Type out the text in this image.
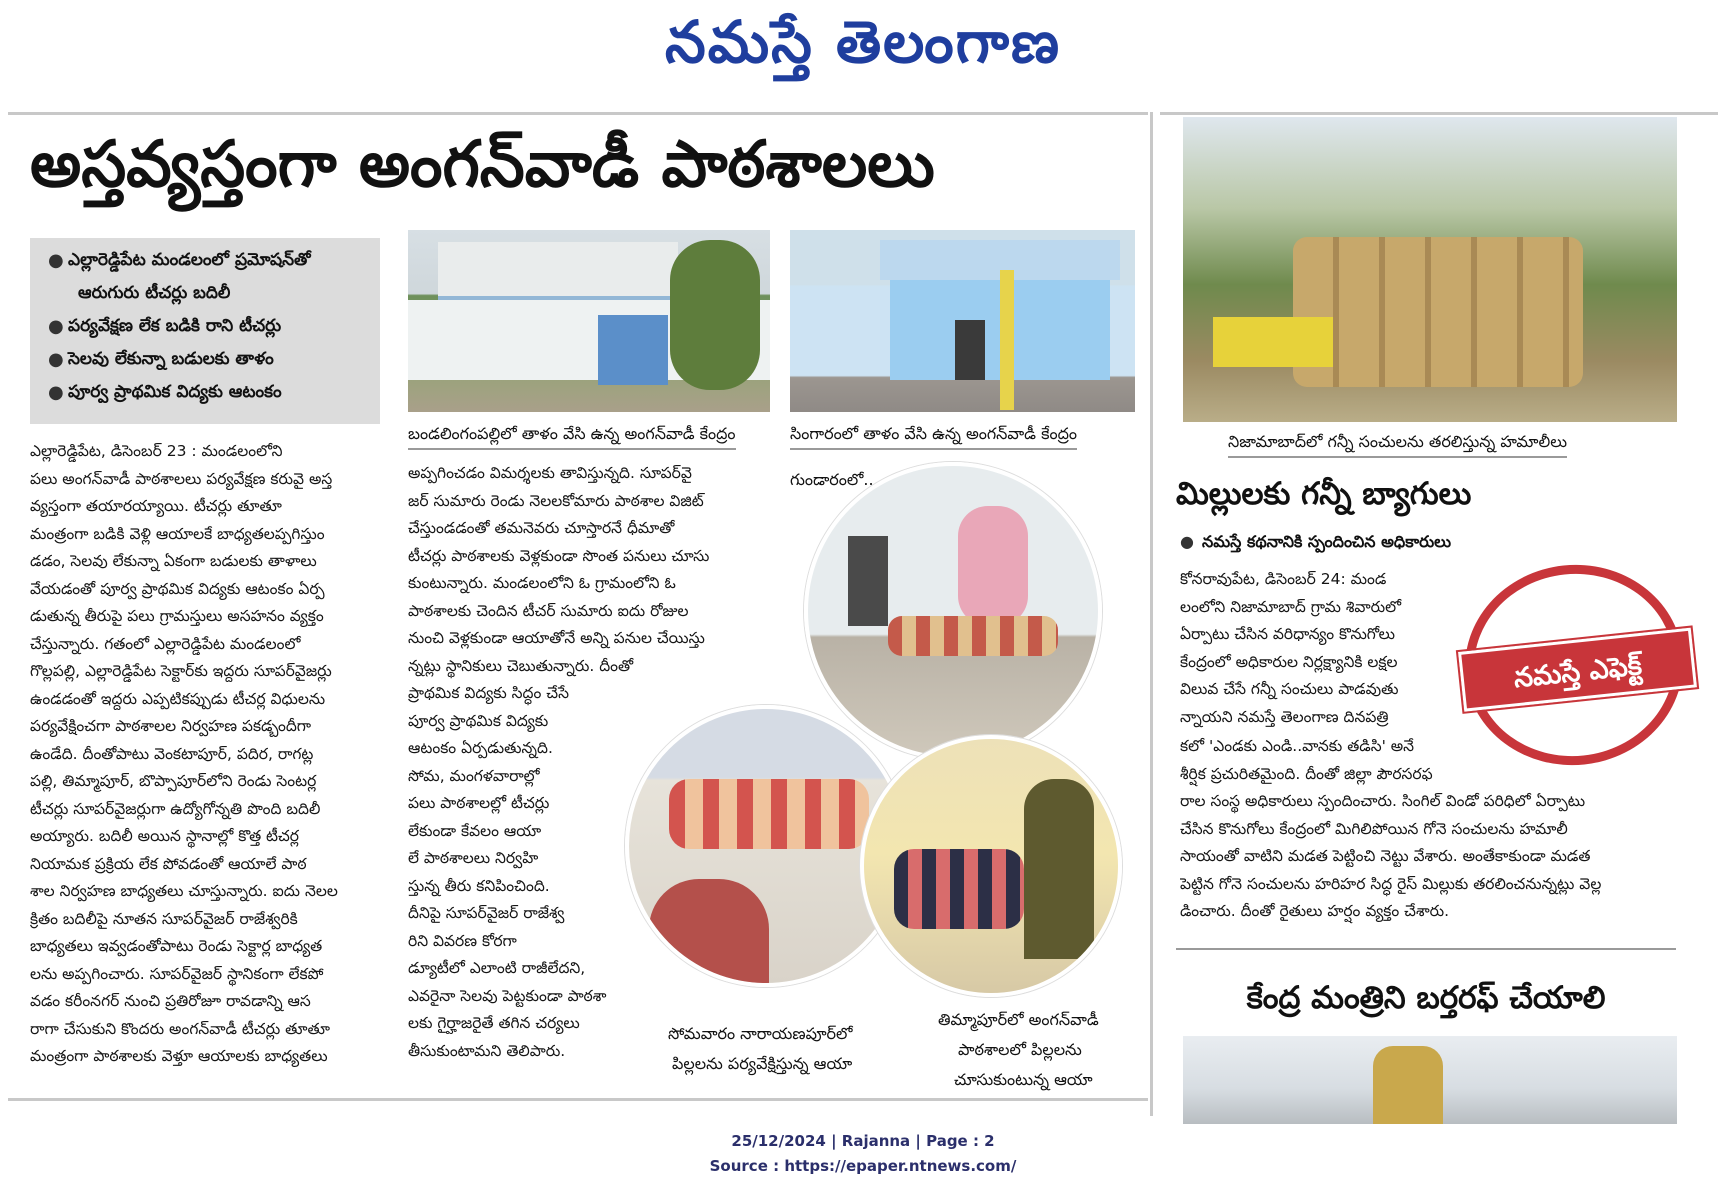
నమస్తే తెలంగాణ
అస్తవ్యస్తంగా అంగన్‌వాడీ పాఠశాలలు
● ఎల్లారెడ్డిపేట మండలంలో ప్రమోషన్‌తో
ఆరుగురు టీచర్లు బదిలీ
● పర్యవేక్షణ లేక బడికి రాని టీచర్లు
● సెలవు లేకున్నా బడులకు తాళం
● పూర్వ ప్రాథమిక విద్యకు ఆటంకం
బండలింగంపల్లిలో తాళం వేసి ఉన్న అంగన్‌వాడీ కేంద్రం	సింగారంలో తాళం వేసి ఉన్న అంగన్‌వాడీ కేంద్రం
గుండారంలో..
సోమవారం నారాయణపూర్‌లో
పిల్లలను పర్యవేక్షిస్తున్న ఆయా
తిమ్మాపూర్‌లో అంగన్‌వాడీ
పాఠశాలలో పిల్లలను
చూసుకుంటున్న ఆయా
ఎల్లారెడ్డిపేట, డిసెంబర్ 23 : మండలంలోని
పలు అంగన్‌వాడీ పాఠశాలలు పర్యవేక్షణ కరువై అస్త
వ్యస్తంగా తయారయ్యాయి. టీచర్లు తూతూ
మంత్రంగా బడికి వెళ్లి ఆయాలకే బాధ్యతలప్పగిస్తుం
డడం, సెలవు లేకున్నా ఏకంగా బడులకు తాళాలు
వేయడంతో పూర్వ ప్రాథమిక విద్యకు ఆటంకం ఏర్ప
డుతున్న తీరుపై పలు గ్రామస్తులు అసహనం వ్యక్తం
చేస్తున్నారు. గతంలో ఎల్లారెడ్డిపేట మండలంలో
గొల్లపల్లి, ఎల్లారెడ్డిపేట సెక్టార్‌కు ఇద్దరు సూపర్‌వైజర్లు
ఉండడంతో ఇద్దరు ఎప్పటికప్పుడు టీచర్ల విధులను
పర్యవేక్షించగా పాఠశాలల నిర్వహణ పకడ్బందీగా
ఉండేది. దీంతోపాటు వెంకటాపూర్, పదిర, రాగట్ల
పల్లి, తిమ్మాపూర్, బొప్పాపూర్‌లోని రెండు సెంటర్ల
టీచర్లు సూపర్‌వైజర్లుగా ఉద్యోగోన్నతి పొంది బదిలీ
అయ్యారు. బదిలీ అయిన స్థానాల్లో కొత్త టీచర్ల
నియామక ప్రక్రియ లేక పోవడంతో ఆయాలే పాఠ
శాల నిర్వహణ బాధ్యతలు చూస్తున్నారు. ఐదు నెలల
క్రితం బదిలీపై నూతన సూపర్‌వైజర్ రాజేశ్వరికి
బాధ్యతలు ఇవ్వడంతోపాటు రెండు సెక్టార్ల బాధ్యత
లను అప్పగించారు. సూపర్‌వైజర్ స్థానికంగా లేకపో
వడం కరీంనగర్ నుంచి ప్రతిరోజూ రావడాన్ని ఆస
రాగా చేసుకుని కొందరు అంగన్‌వాడీ టీచర్లు తూతూ
మంత్రంగా పాఠశాలకు వెళ్తూ ఆయాలకు బాధ్యతలు
అప్పగించడం విమర్శలకు తావిస్తున్నది. సూపర్‌వై
జర్ సుమారు రెండు నెలలకోమారు పాఠశాల విజిట్
చేస్తుండడంతో తమనెవరు చూస్తారనే ధీమాతో
టీచర్లు పాఠశాలకు వెళ్లకుండా సొంత పనులు చూసు
కుంటున్నారు. మండలంలోని ఓ గ్రామంలోని ఓ
పాఠశాలకు చెందిన టీచర్ సుమారు ఐదు రోజుల
నుంచి వెళ్లకుండా ఆయాతోనే అన్ని పనుల చేయిస్తు
న్నట్లు స్థానికులు చెబుతున్నారు. దీంతో
ప్రాథమిక విద్యకు సిద్ధం చేసే
పూర్వ ప్రాథమిక విద్యకు
ఆటంకం ఏర్పడుతున్నది.
సోమ, మంగళవారాల్లో
పలు పాఠశాలల్లో టీచర్లు
లేకుండా కేవలం ఆయా
లే పాఠశాలలు నిర్వహి
స్తున్న తీరు కనిపించింది.
దీనిపై సూపర్‌వైజర్ రాజేశ్వ
రిని వివరణ కోరగా
డ్యూటీలో ఎలాంటి రాజీలేదని,
ఎవరైనా సెలవు పెట్టకుండా పాఠశా
లకు గైర్హాజరైతే తగిన చర్యలు
తీసుకుంటామని తెలిపారు.
నిజామాబాద్‌లో గన్నీ సంచులను తరలిస్తున్న హమాలీలు
మిల్లులకు గన్నీ బ్యాగులు
● నమస్తే కథనానికి స్పందించిన అధికారులు
కోనరావుపేట, డిసెంబర్ 24: మండ
లంలోని నిజామాబాద్ గ్రామ శివారులో
ఏర్పాటు చేసిన వరిధాన్యం కొనుగోలు
కేంద్రంలో అధికారుల నిర్లక్ష్యానికి లక్షల
విలువ చేసే గన్నీ సంచులు పాడవుతు
న్నాయని నమస్తే తెలంగాణ దినపత్రి
నమస్తే ఎఫెక్ట్
కలో 'ఎండకు ఎండి..వానకు తడిసి' అనే
శీర్షిక ప్రచురితమైంది. దీంతో జిల్లా పౌరసరఫ
రాల సంస్థ అధికారులు స్పందించారు. సింగిల్ విండో పరిధిలో ఏర్పాటు
చేసిన కొనుగోలు కేంద్రంలో మిగిలిపోయిన గోనె సంచులను హమాలీ
సాయంతో వాటిని మడత పెట్టించి నెట్టు వేశారు. అంతేకాకుండా మడత
పెట్టిన గోనె సంచులను హరిహర సిద్ధ రైస్ మిల్లుకు తరలించనున్నట్లు వెల్ల
డించారు. దీంతో రైతులు హర్షం వ్యక్తం చేశారు.
కేంద్ర మంత్రిని బర్తరఫ్ చేయాలి
25/12/2024 | Rajanna | Page : 2
Source : https://epaper.ntnews.com/
